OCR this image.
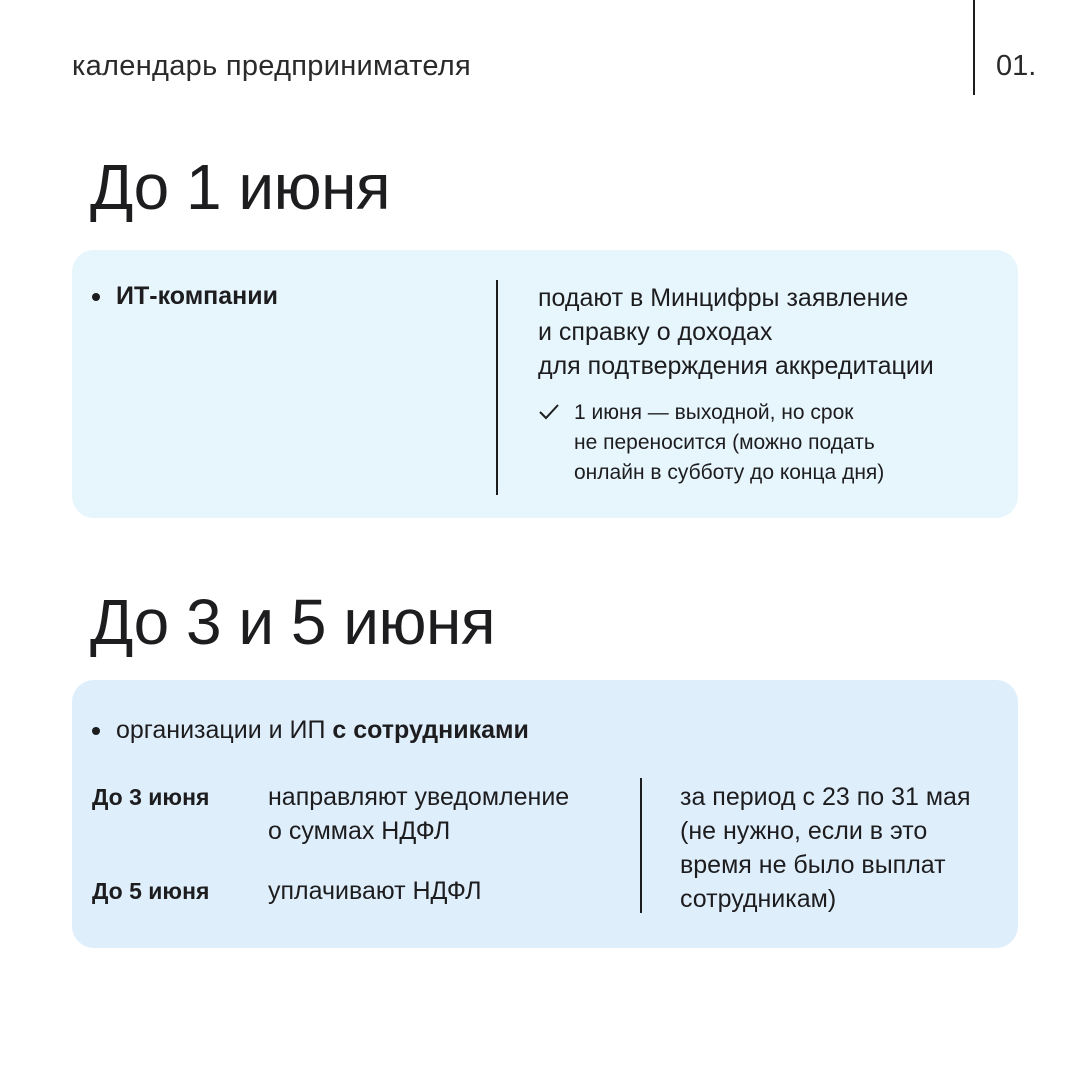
календарь предпринимателя	01.
До 1 июня
ИТ-компании	подают в Минцифры заявление
и справку о доходах
для подтверждения аккредитации
1 июня — выходной, но срок
не переносится (можно подать
онлайн в субботу до конца дня)
До 3 и 5 июня
организации и ИП с сотрудниками
До 3 июня направляют уведомление
о суммах НДФЛ
До 5 июня уплачивают НДФЛ
за период с 23 по 31 мая
(не нужно, если в это
время не было выплат
сотрудникам)
